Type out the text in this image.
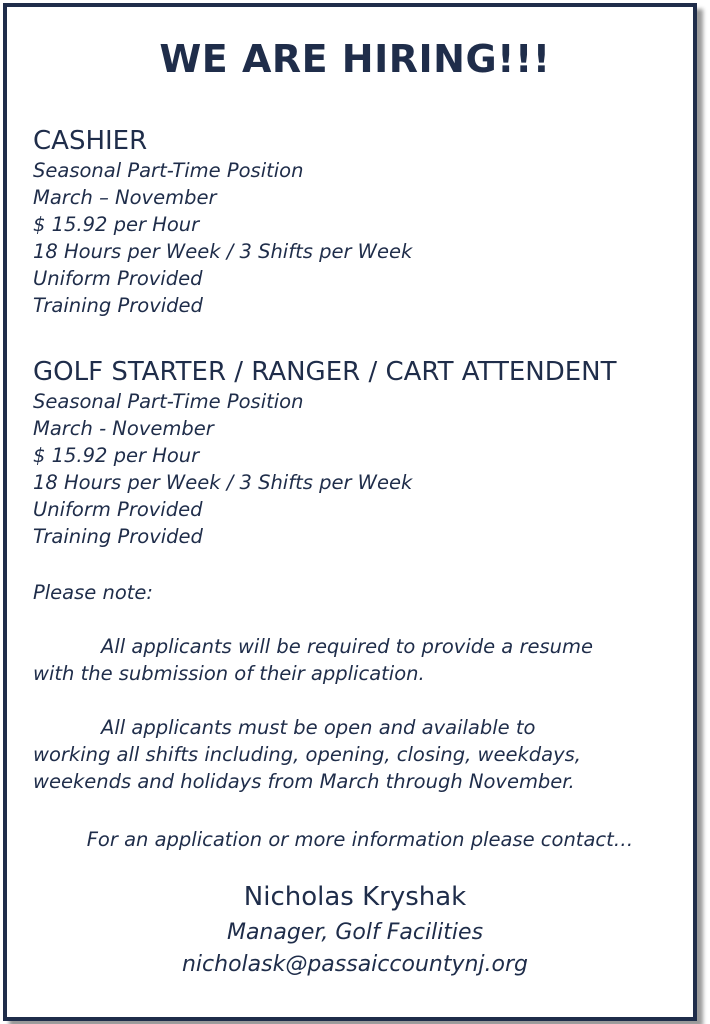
WE ARE HIRING!!!
CASHIER
Seasonal Part-Time Position
March – November
$ 15.92 per Hour
18 Hours per Week / 3 Shifts per Week
Uniform Provided
Training Provided
GOLF STARTER / RANGER / CART ATTENDENT
Seasonal Part-Time Position
March - November
$ 15.92 per Hour
18 Hours per Week / 3 Shifts per Week
Uniform Provided
Training Provided
Please note:

All applicants will be required to provide a resume
with the submission of their application.

All applicants must be open and available to
working all shifts including, opening, closing, weekdays,
weekends and holidays from March through November.

For an application or more information please contact…
Nicholas Kryshak
Manager, Golf Facilities
nicholask@passaiccountynj.org
